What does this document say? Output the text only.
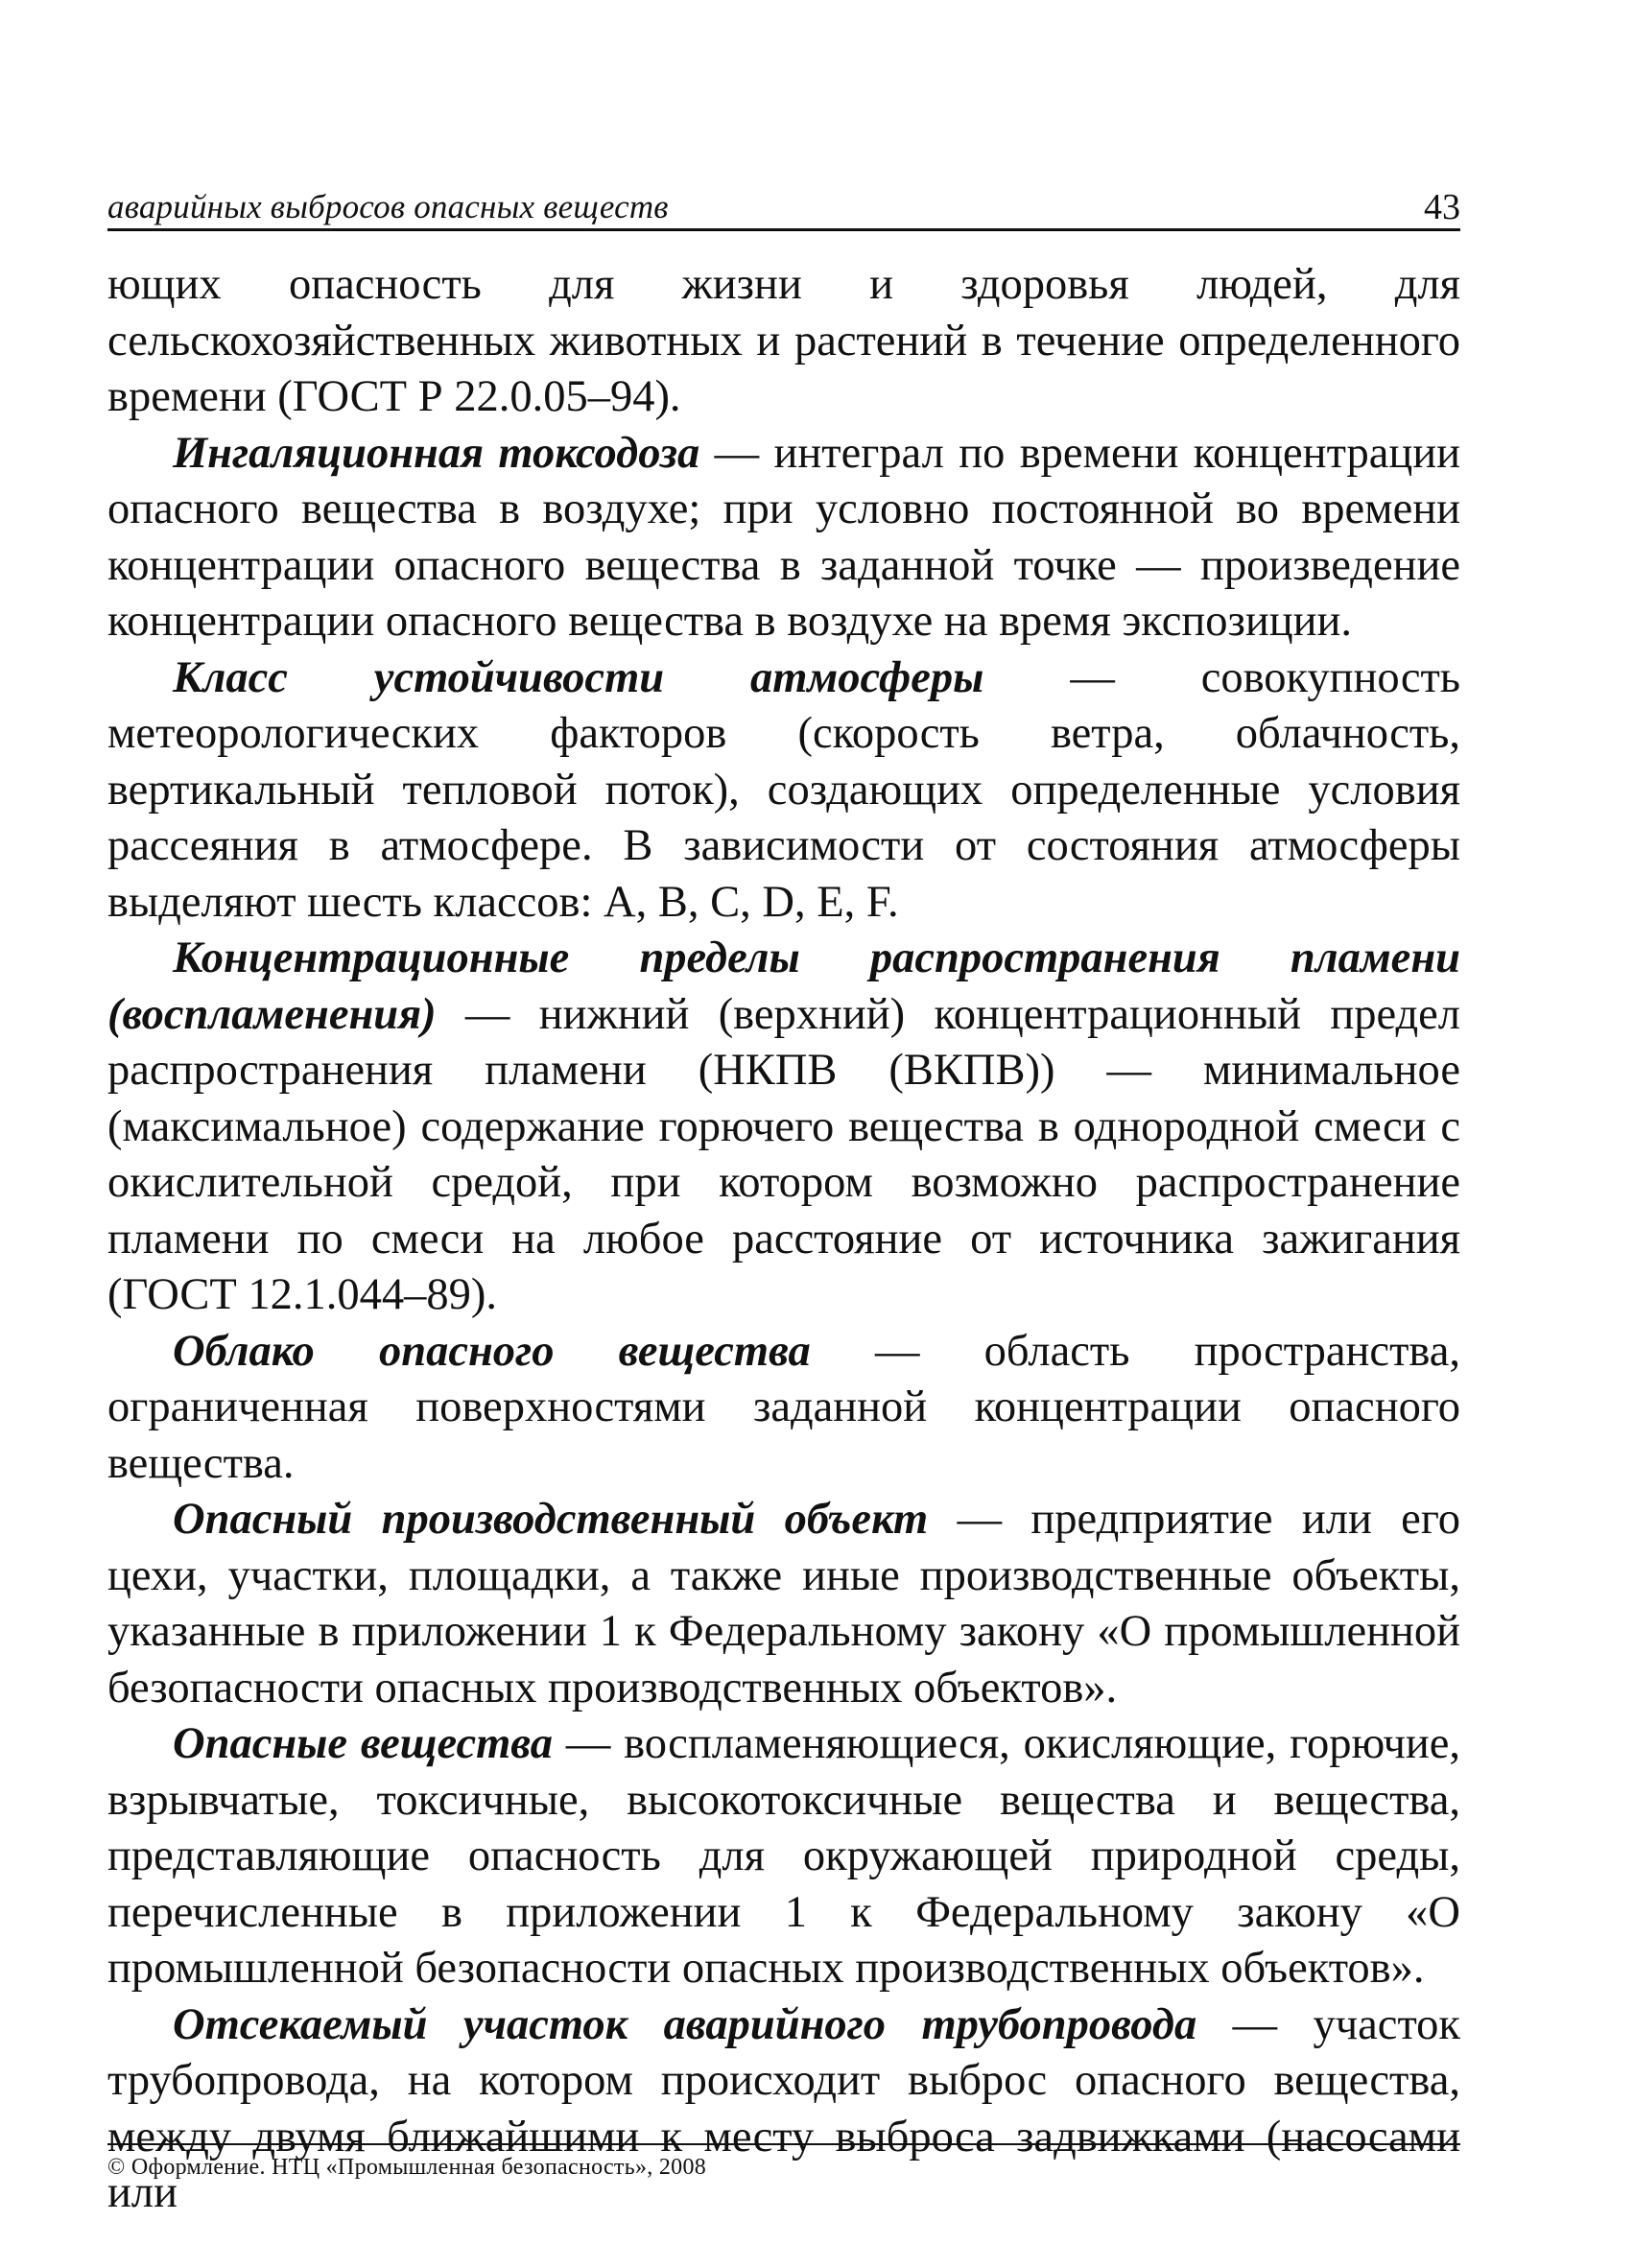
аварийных выбросов опасных веществ	43

ющих опасность для жизни и здоровья людей, для сельскохозяйственных животных и растений в течение определенного времени (ГОСТ Р 22.0.05–94).

Ингаляционная токсодоза — интеграл по времени концентрации опасного вещества в воздухе; при условно постоянной во времени концентрации опасного вещества в заданной точке — произведение концентрации опасного вещества в воздухе на время экспозиции.

Класс устойчивости атмосферы — совокупность метеорологических факторов (скорость ветра, облачность, вертикальный тепловой поток), создающих определенные условия рассеяния в атмосфере. В зависимости от состояния атмосферы выделяют шесть классов: А, В, С, D, Е, F.

Концентрационные пределы распространения пламени (воспламенения) — нижний (верхний) концентрационный предел распространения пламени (НКПВ (ВКПВ)) — минимальное (максимальное) содержание горючего вещества в однородной смеси с окислительной средой, при котором возможно распространение пламени по смеси на любое расстояние от источника зажигания (ГОСТ 12.1.044–89).

Облако опасного вещества — область пространства, ограниченная поверхностями заданной концентрации опасного вещества.

Опасный производственный объект — предприятие или его цехи, участки, площадки, а также иные производственные объекты, указанные в приложении 1 к Федеральному закону «О промышленной безопасности опасных производственных объектов».

Опасные вещества — воспламеняющиеся, окисляющие, горючие, взрывчатые, токсичные, высокотоксичные вещества и вещества, представляющие опасность для окружающей природной среды, перечисленные в приложении 1 к Федеральному закону «О промышленной безопасности опасных производственных объектов».

Отсекаемый участок аварийного трубопровода — участок трубопровода, на котором происходит выброс опасного вещества, между двумя ближайшими к месту выброса задвижками (насосами или

© Оформление. НТЦ «Промышленная безопасность», 2008
